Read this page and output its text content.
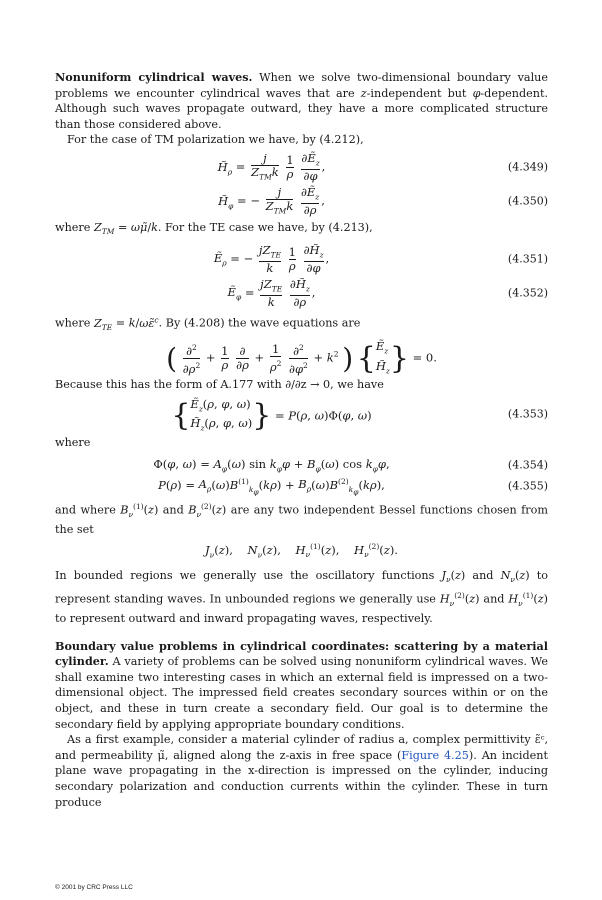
Nonuniform cylindrical waves. When we solve two-dimensional boundary value problems we encounter cylindrical waves that are z-independent but φ-dependent. Although such waves propagate outward, they have a more complicated structure than those considered above.

For the case of TM polarization we have, by (4.212),

$H̃_\rho = \frac{j}{Z_{TM}k}$
$\frac{1}{\rho}$
$\frac{\partial Ẽ_z}{\partial\varphi}$ ,	(4.349)
$H̃_\varphi$ = − $\frac{j}{Z_{TM}k}$
$\frac{\partial Ẽ_z}{\partial\rho}$ ,	(4.350)

where $Z_{TM}$ = ωμ̃/k. For the TE case we have, by (4.213),

Ẽ$_\rho$ = − $\frac{jZ_{TE}}{k}$
$\frac{1}{\rho}$
$\frac{\partial H̃_z}{\partial\varphi}$ ,	(4.351)
Ẽ$_\varphi$ = $\frac{jZ_{TE}}{k}$
$\frac{\partial H̃_z}{\partial\rho}$ ,	(4.352)

where $Z_{TE}$ = k/ωε̃$^c$. By (4.208) the wave equations are

( $\frac{\partial^2}{\partial\rho^2} + \frac{1}{\rho}$
$\frac{\partial}{\partial\rho} + \frac{1}{\rho^2}$
$\frac{\partial^2}{\partial\varphi^2} + k^2$ ) {Ẽ$_z$
$H̃_z\} = 0$.

Because this has the form of A.177 with ∂/∂z → 0, we have

{Ẽ$_z$(ρ, φ, ω)
$H̃_z(\rho$, φ, ω)} = P(ρ, ω)Φ(φ, ω)	(4.353)

where

Φ(φ, $\omega) = A_\varphi(\omega)$ $\sin k_\varphi\varphi + B_\varphi(\omega)$ $\cos k_\varphi\varphi$,	(4.354)
$P(\rho) = A_\rho(\omega)B^{(1)}_{k_\varphi}(k\rho) + B_\rho(\omega)B^{(2)}_{k_\varphi}(k\rho)$,	(4.355)

and where $B_\nu^{(1)}(z)$ and $B_\nu^{(2)}(z)$ are any two independent Bessel functions chosen from the set

$J_\nu(z)$,    $N_\nu(z)$,    $H_\nu^{(1)}(z)$,    $H_\nu^{(2)}(z)$.

In bounded regions we generally use the oscillatory functions $J_\nu(z)$ and $N_\nu(z)$ to represent standing waves. In unbounded regions we generally use $H_\nu^{(2)}(z)$ and $H_\nu^{(1)}(z)$ to represent outward and inward propagating waves, respectively.

Boundary value problems in cylindrical coordinates: scattering by a material cylinder. A variety of problems can be solved using nonuniform cylindrical waves. We shall examine two interesting cases in which an external field is impressed on a two-dimensional object. The impressed field creates secondary sources within or on the object, and these in turn create a secondary field. Our goal is to determine the secondary field by applying appropriate boundary conditions.

As a first example, consider a material cylinder of radius a, complex permittivity ε̃ᶜ, and permeability μ̃, aligned along the z-axis in free space (Figure 4.25). An incident plane wave propagating in the x-direction is impressed on the cylinder, inducing secondary polarization and conduction currents within the cylinder. These in turn produce

© 2001 by CRC Press LLC
